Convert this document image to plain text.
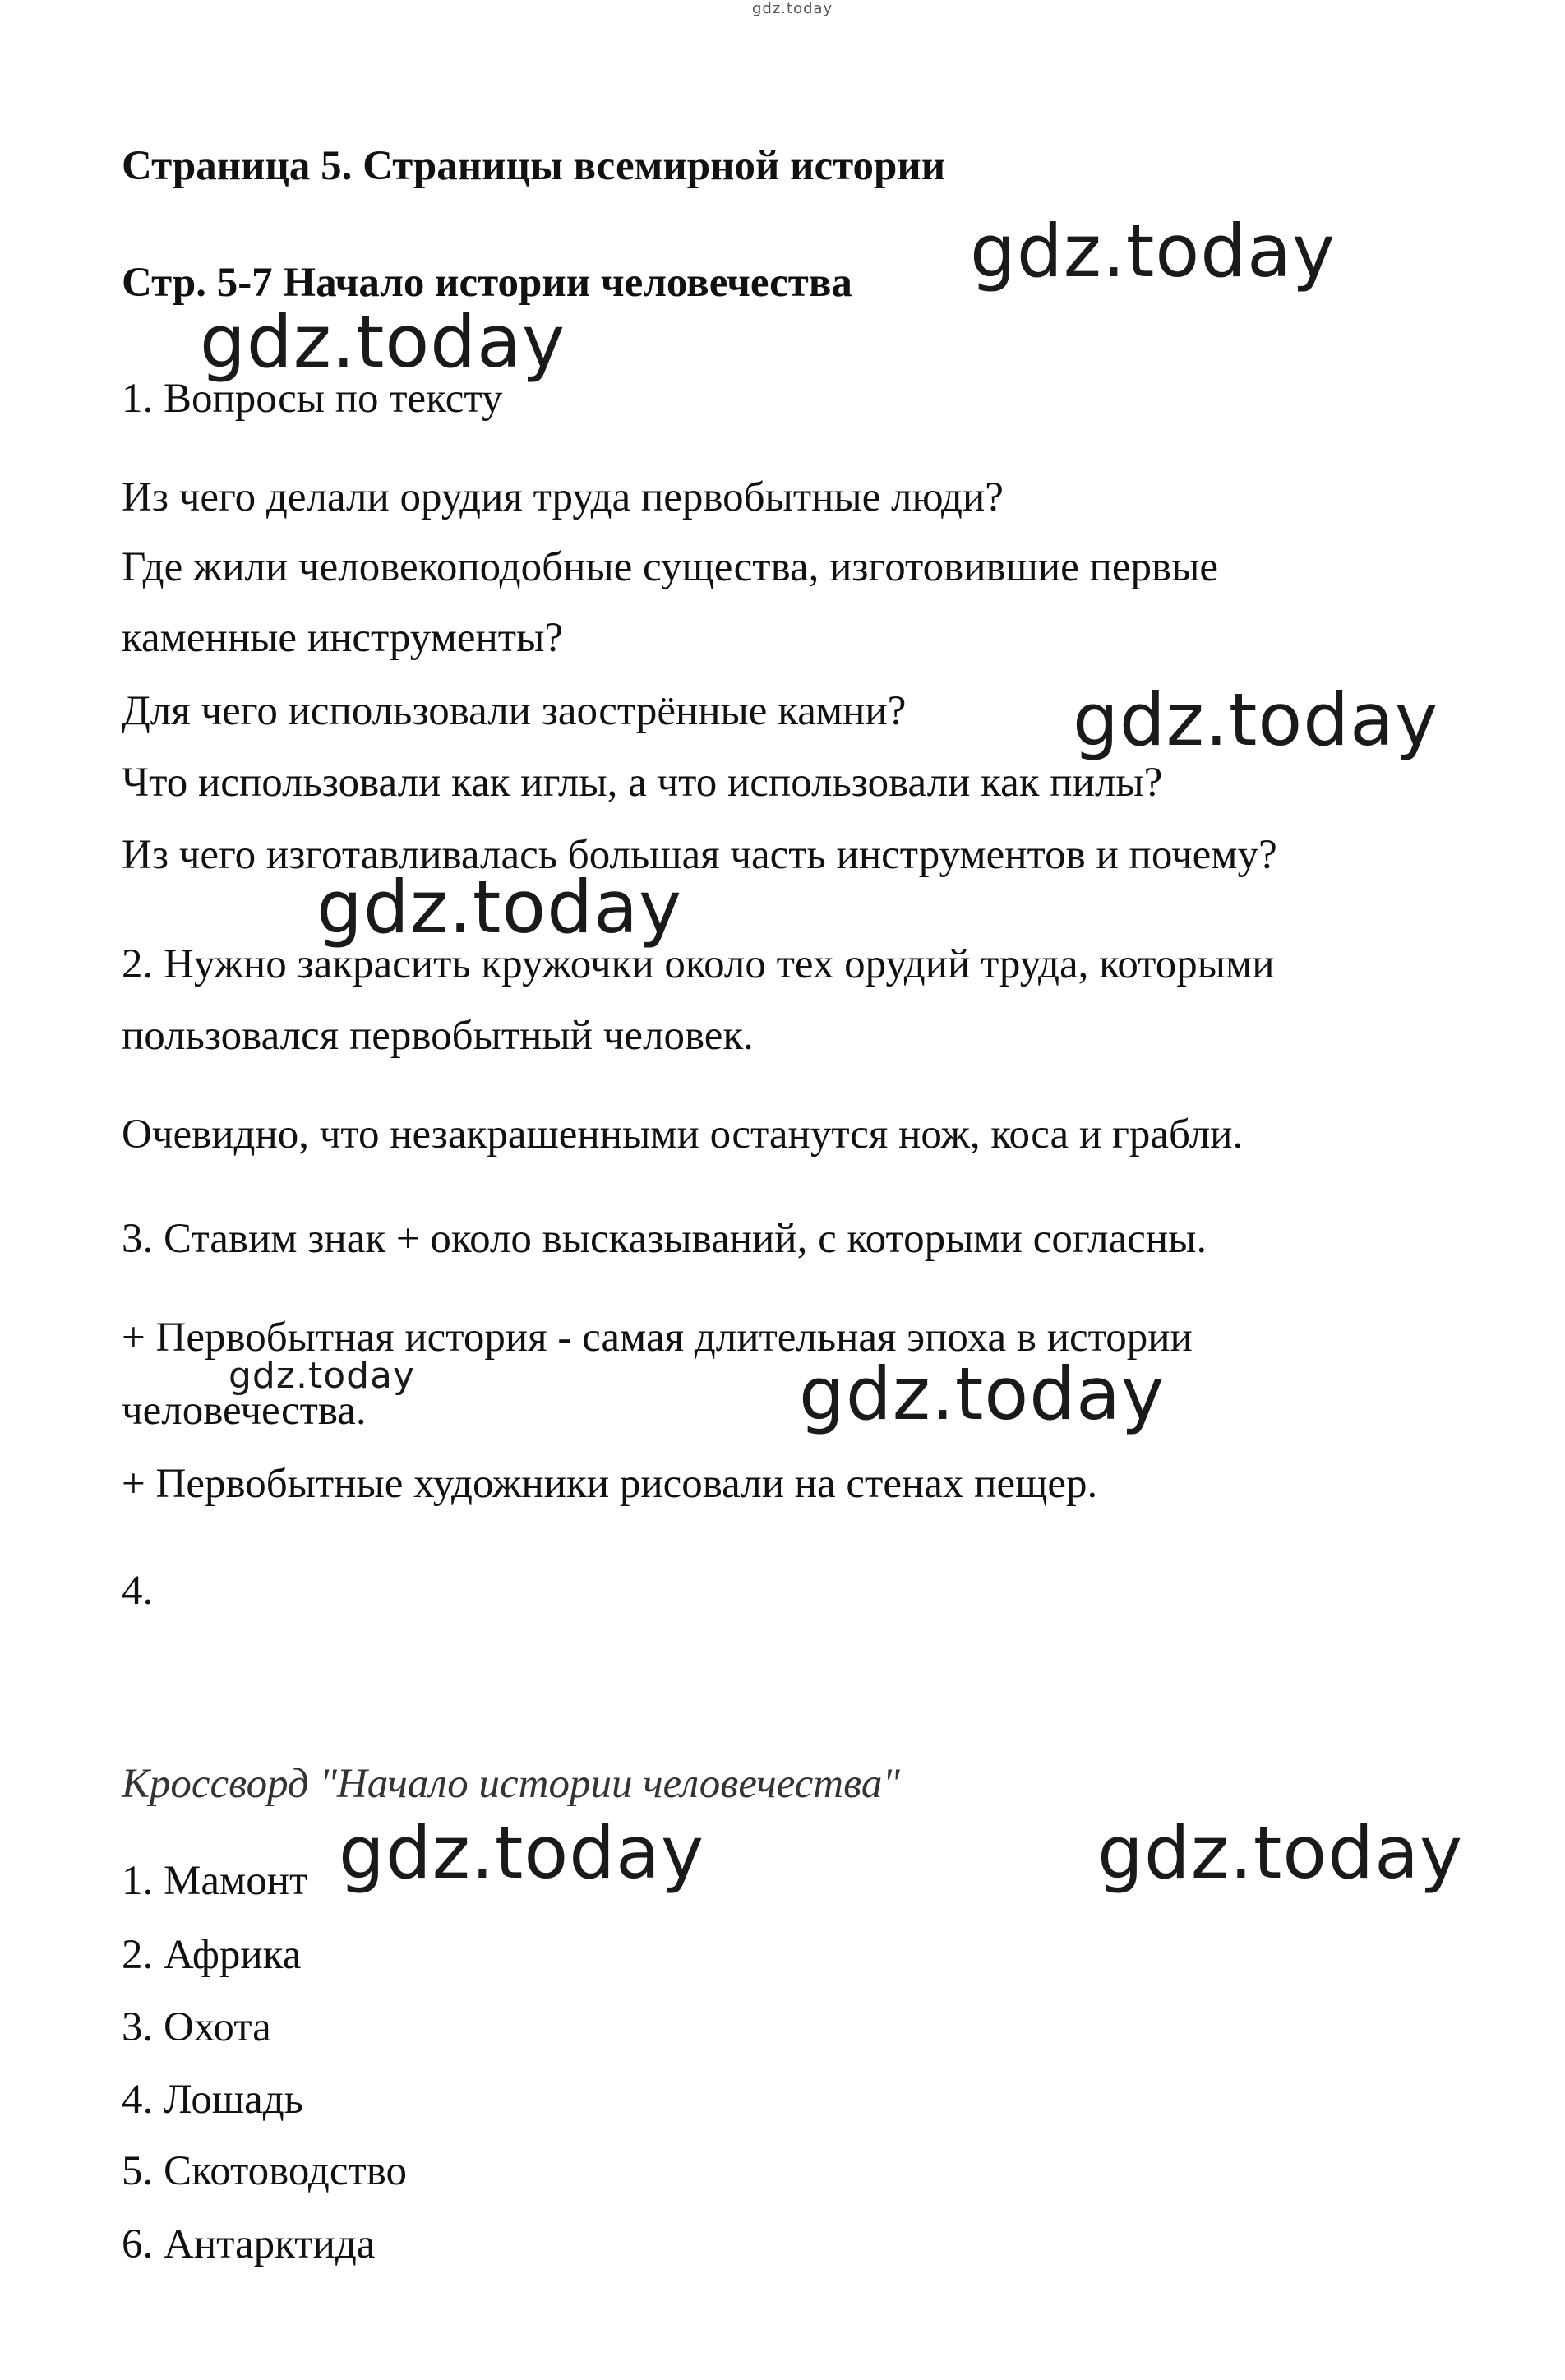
gdz.today
Страница 5. Страницы всемирной истории
Стр. 5-7 Начало истории человечества
1. Вопросы по тексту
Из чего делали орудия труда первобытные люди?
Где жили человекоподобные существа, изготовившие первые
каменные инструменты?
Для чего использовали заострённые камни?
Что использовали как иглы, а что использовали как пилы?
Из чего изготавливалась большая часть инструментов и почему?
2. Нужно закрасить кружочки около тех орудий труда, которыми
пользовался первобытный человек.
Очевидно, что незакрашенными останутся нож, коса и грабли.
3. Ставим знак + около высказываний, с которыми согласны.
+ Первобытная история - самая длительная эпоха в истории
человечества.
+ Первобытные художники рисовали на стенах пещер.
4.
Кроссворд "Начало истории человечества"
1. Мамонт
2. Африка
3. Охота
4. Лошадь
5. Скотоводство
6. Антарктида
gdz.today
gdz.today
gdz.today
gdz.today
gdz.today	gdz.today
gdz.today	gdz.today
